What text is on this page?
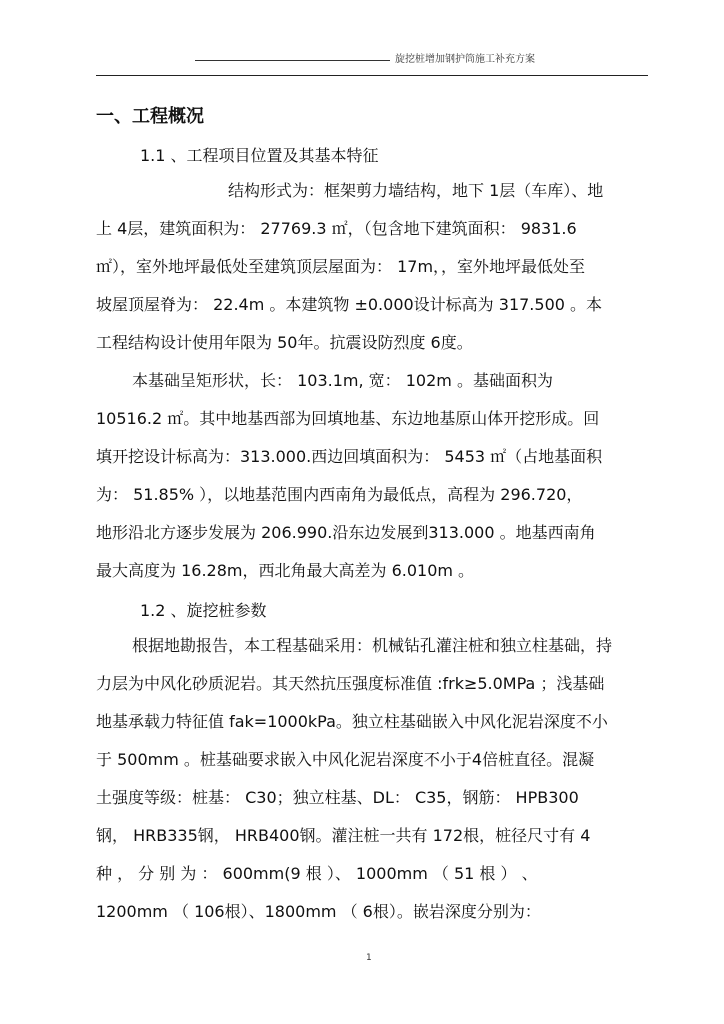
旋挖桩增加钢护筒施工补充方案
一、工程概况
1.1 、工程项目位置及其基本特征
结构形式为：框架剪力墙结构，地下 1层（车库）、地
上 4层，建筑面积为： 27769.3 ㎡，（包含地下建筑面积： 9831.6
㎡），室外地坪最低处至建筑顶层屋面为： 17m，，室外地坪最低处至
坡屋顶屋脊为： 22.4m 。本建筑物 ±0.000设计标高为 317.500 。本
工程结构设计使用年限为 50年。抗震设防烈度 6度。
本基础呈矩形状，长： 103.1m, 宽： 102m 。基础面积为
10516.2 ㎡。其中地基西部为回填地基、东边地基原山体开挖形成。回
填开挖设计标高为：313.000.西边回填面积为： 5453 ㎡（占地基面积
为： 51.85% ），以地基范围内西南角为最低点，高程为 296.720，
地形沿北方逐步发展为 206.990.沿东边发展到313.000 。地基西南角
最大高度为 16.28m，西北角最大高差为 6.010m 。
1.2 、旋挖桩参数
根据地勘报告，本工程基础采用：机械钻孔灌注桩和独立柱基础，持
力层为中风化砂质泥岩。其天然抗压强度标准值 :frk≥5.0MPa ；浅基础
地基承载力特征值 fak=1000kPa。独立柱基础嵌入中风化泥岩深度不小
于 500mm 。桩基础要求嵌入中风化泥岩深度不小于4倍桩直径。混凝
土强度等级：桩基： C30；独立柱基、DL： C35，钢筋： HPB300
钢， HRB335钢， HRB400钢。灌注桩一共有 172根，桩径尺寸有 4
种 ， 分 别 为 ： 600mm(9 根 ）、 1000mm （ 51 根 ） 、
1200mm （ 106根）、1800mm （ 6根）。嵌岩深度分别为：
1
